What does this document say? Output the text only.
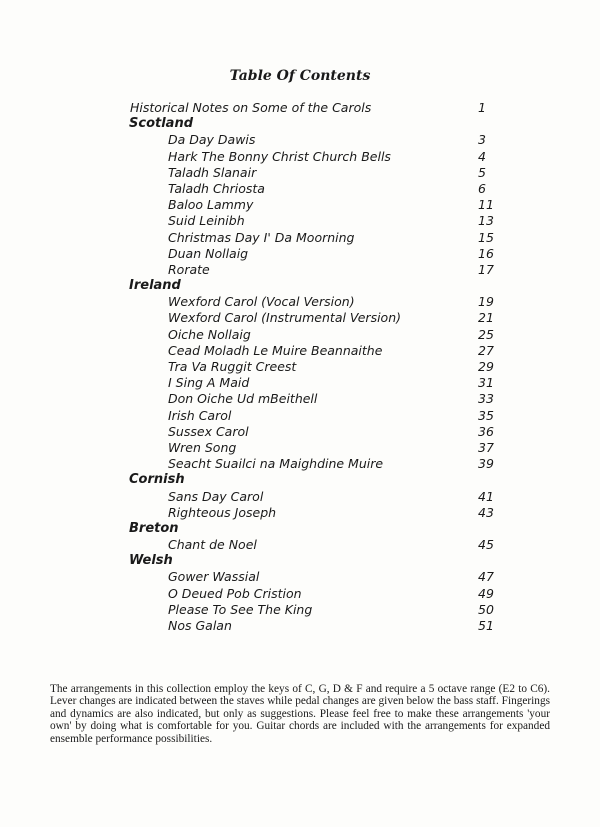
Table Of Contents
Historical Notes on Some of the Carols	1
Scotland
Da Day Dawis	3
Hark The Bonny Christ Church Bells	4
Taladh Slanair	5
Taladh Chriosta	6
Baloo Lammy	11
Suid Leinibh	13
Christmas Day I' Da Moorning	15
Duan Nollaig	16
Rorate	17
Ireland
Wexford Carol (Vocal Version)	19
Wexford Carol (Instrumental Version)	21
Oiche Nollaig	25
Cead Moladh Le Muire Beannaithe	27
Tra Va Ruggit Creest	29
I Sing A Maid	31
Don Oiche Ud mBeithell	33
Irish Carol	35
Sussex Carol	36
Wren Song	37
Seacht Suailci na Maighdine Muire	39
Cornish
Sans Day Carol	41
Righteous Joseph	43
Breton
Chant de Noel	45
Welsh
Gower Wassial	47
O Deued Pob Cristion	49
Please To See The King	50
Nos Galan	51
The arrangements in this collection employ the keys of C, G, D & F and require a 5 octave range (E2 to C6). Lever changes are indicated between the staves while pedal changes are given below the bass staff. Fingerings and dynamics are also indicated, but only as suggestions. Please feel free to make these arrangements 'your own' by doing what is comfortable for you. Guitar chords are included with the arrangements for expanded ensemble performance possibilities.
